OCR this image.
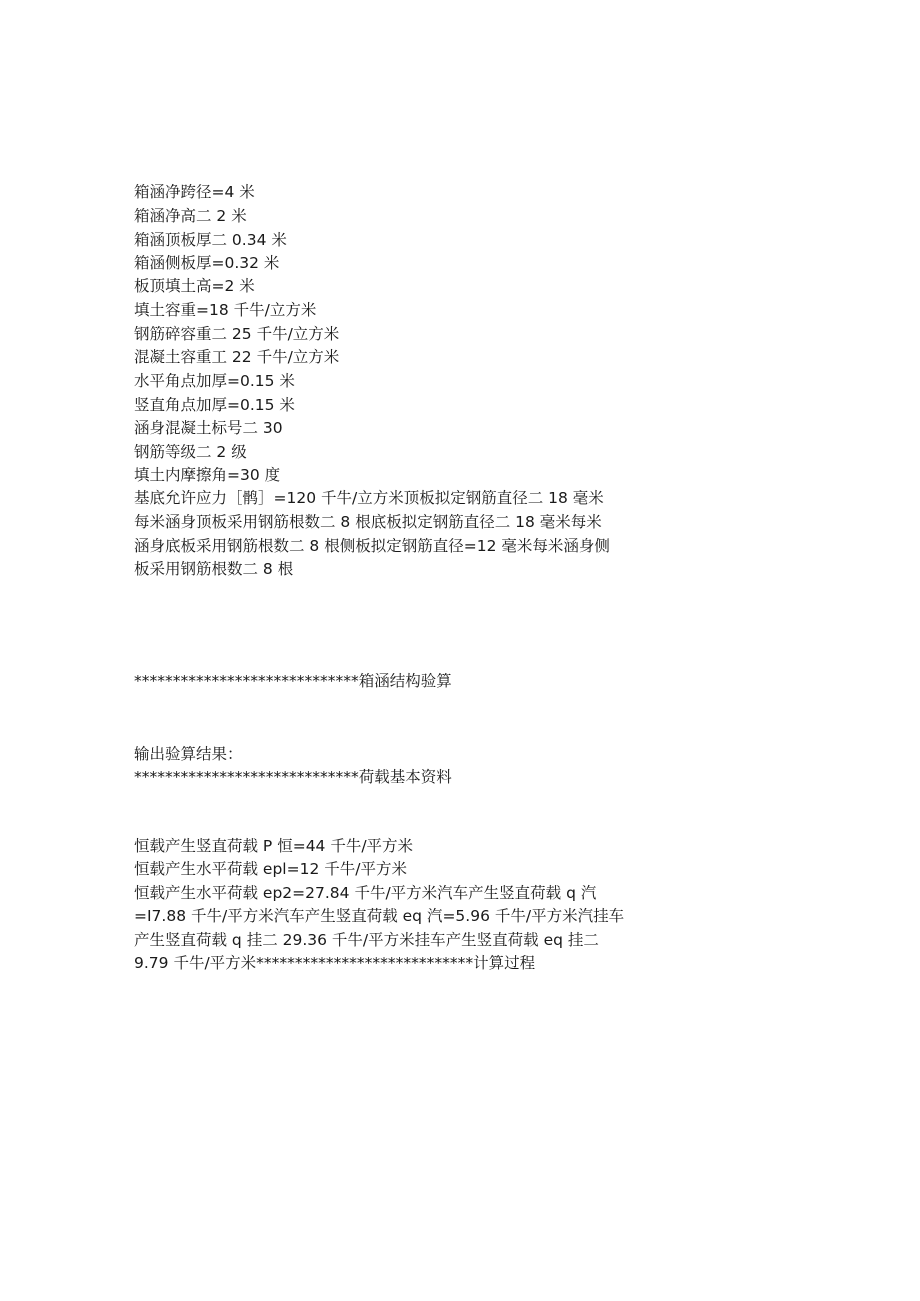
箱涵净跨径=4 米
箱涵净高二 2 米
箱涵顶板厚二 0.34 米
箱涵侧板厚=0.32 米
板顶填土高=2 米
填土容重=18 千牛/立方米
钢筋碎容重二 25 千牛/立方米
混凝土容重工 22 千牛/立方米
水平角点加厚=0.15 米
竖直角点加厚=0.15 米
涵身混凝土标号二 30
钢筋等级二 2 级
填土内摩擦角=30 度
基底允许应力［鹘］=120 千牛/立方米顶板拟定钢筋直径二 18 毫米
每米涵身顶板采用钢筋根数二 8 根底板拟定钢筋直径二 18 毫米每米
涵身底板采用钢筋根数二 8 根侧板拟定钢筋直径=12 毫米每米涵身侧
板采用钢筋根数二 8 根
*****************************箱涵结构验算
输出验算结果：
*****************************荷载基本资料
恒载产生竖直荷载 P 恒=44 千牛/平方米
恒载产生水平荷载 epl=12 千牛/平方米
恒载产生水平荷载 ep2=27.84 千牛/平方米汽车产生竖直荷载 q 汽
=I7.88 千牛/平方米汽车产生竖直荷载 eq 汽=5.96 千牛/平方米汽挂车
产生竖直荷载 q 挂二 29.36 千牛/平方米挂车产生竖直荷载 eq 挂二
9.79 千牛/平方米****************************计算过程
